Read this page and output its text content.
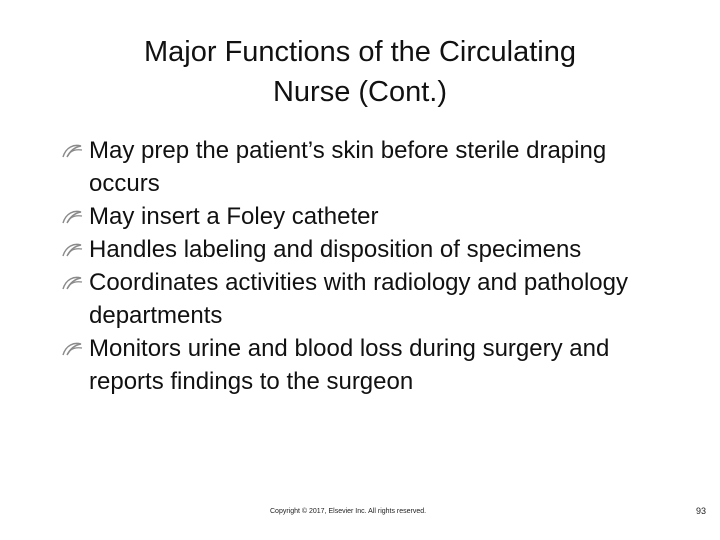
Major Functions of the Circulating
Nurse (Cont.)
May prep the patient’s skin before sterile draping occurs
May insert a Foley catheter
Handles labeling and disposition of specimens
Coordinates activities with radiology and pathology departments
Monitors urine and blood loss during surgery and reports findings to the surgeon
Copyright © 2017, Elsevier Inc. All rights reserved.	93
